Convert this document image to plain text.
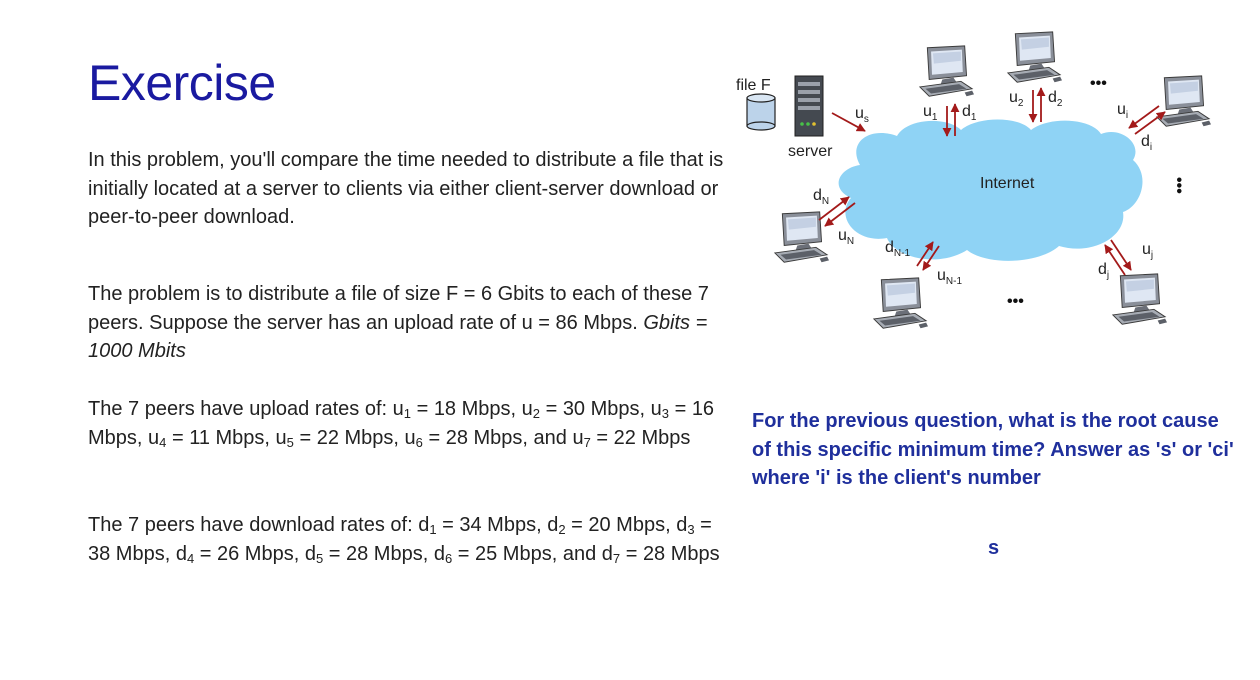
Exercise

In this problem, you'll compare the time needed to distribute a file that is initially located at a server to clients via either client-server download or peer-to-peer download.

The problem is to distribute a file of size F = 6 Gbits to each of these 7 peers. Suppose the server has an upload rate of u = 86 Mbps. Gbits = 1000 Mbits

The 7 peers have upload rates of: $u_1 = 18$ Mbps, $u_2 = 30$ Mbps, $u_3 = 16$ Mbps, $u_4 = 11$ Mbps, $u_5 = 22$ Mbps, $u_6 = 28$ Mbps, and $u_7 = 22$ Mbps

The 7 peers have download rates of: $d_1 = 34$ Mbps, $d_2 = 20$ Mbps, $d_3 = 38$ Mbps, $d_4 = 26$ Mbps, $d_5 = 28$ Mbps, $d_6 = 25$ Mbps, and $d_7 = 28$ Mbps

For the previous question, what is the root cause of this specific minimum time? Answer as 's' or 'ci' where 'i' is the client's number

s

Internet
file F
server
$u_s$	$u_1$ $d_1$
$u_2$ $d_2$	$u_i$
$d_i$
$d_N$
$u_N$ $d_{N-1}$
$u_{N-1}$
$u_j$
$d_j$
•••
•••
•••
